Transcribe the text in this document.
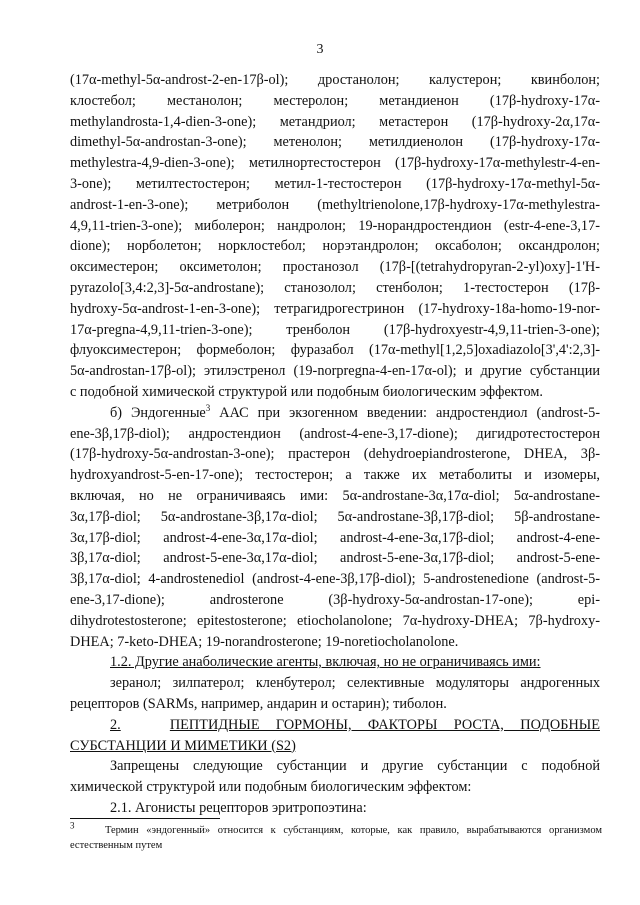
3
(17α-methyl-5α-androst-2-en-17β-ol); дростанолон; калустерон; квинболон;
клостебол; местанолон; местеролон; метандиенон (17β-hydroxy-17α-
methylandrosta-1,4-dien-3-one); метандриол; метастерон (17β-hydroxy-2α,17α-
dimethyl-5α-androstan-3-one); метенолон; метилдиенолон (17β-hydroxy-17α-
methylestra-4,9-dien-3-one); метилнортестостерон (17β-hydroxy-17α-methylestr-4-en-
3-one); метилтестостерон; метил-1-тестостерон (17β-hydroxy-17α-methyl-5α-
androst-1-en-3-one); метриболон (methyltrienolone,17β-hydroxy-17α-methylestra-
4,9,11-trien-3-one); миболерон; нандролон; 19-норандростендион (estr-4-ene-3,17-
dione); норболетон; норклостебол; норэтандролон; оксаболон; оксандролон;
оксиместерон; оксиметолон; простанозол (17β-[(tetrahydropyran-2-yl)oxy]-1'H-
pyrazolo[3,4:2,3]-5α-androstane); станозолол; стенболон; 1-тестостерон (17β-
hydroxy-5α-androst-1-en-3-one); тетрагидрогестринон (17-hydroxy-18a-homo-19-nor-
17α-pregna-4,9,11-trien-3-one); тренболон (17β-hydroxyestr-4,9,11-trien-3-one);
флуоксиместерон; формеболон; фуразабол (17α-methyl[1,2,5]oxadiazolo[3',4':2,3]-
5α-androstan-17β-ol); этилэстренол (19-norpregna-4-en-17α-ol); и другие субстанции
с подобной химической структурой или подобным биологическим эффектом.
б) Эндогенные$^3$ ААС при экзогенном введении: андростендиол (androst-5-
ene-3β,17β-diol); андростендион (androst-4-ene-3,17-dione); дигидротестостерон
(17β-hydroxy-5α-androstan-3-one); прастерон (dehydroepiandrosterone, DHEA, 3β-
hydroxyandrost-5-en-17-one); тестостерон; а также их метаболиты и изомеры,
включая, но не ограничиваясь ими: 5α-androstane-3α,17α-diol; 5α-androstane-
3α,17β-diol; 5α-androstane-3β,17α-diol; 5α-androstane-3β,17β-diol; 5β-androstane-
3α,17β-diol; androst-4-ene-3α,17α-diol; androst-4-ene-3α,17β-diol; androst-4-ene-
3β,17α-diol; androst-5-ene-3α,17α-diol; androst-5-ene-3α,17β-diol; androst-5-ene-
3β,17α-diol; 4-androstenediol (androst-4-ene-3β,17β-diol); 5-androstenedione (androst-5-
ene-3,17-dione); androsterone (3β-hydroxy-5α-androstan-17-one); epi-
dihydrotestosterone; epitestosterone; etiocholanolone; 7α-hydroxy-DHEA; 7β-hydroxy-
DHEA; 7-keto-DHEA; 19-norandrosterone; 19-noretiocholanolone.
1.2. Другие анаболические агенты, включая, но не ограничиваясь ими:
зеранол; зилпатерол; кленбутерол; селективные модуляторы андрогенных
рецепторов (SARMs, например, андарин и остарин); тиболон.
2.	ПЕПТИДНЫЕ ГОРМОНЫ, ФАКТОРЫ РОСТА, ПОДОБНЫЕ
СУБСТАНЦИИ И МИМЕТИКИ (S2)
Запрещены следующие субстанции и другие субстанции с подобной
химической структурой или подобным биологическим эффектом:
2.1. Агонисты рецепторов эритропоэтина:
3	Термин «эндогенный» относится к субстанциям, которые, как правило, вырабатываются организмом
естественным путем
